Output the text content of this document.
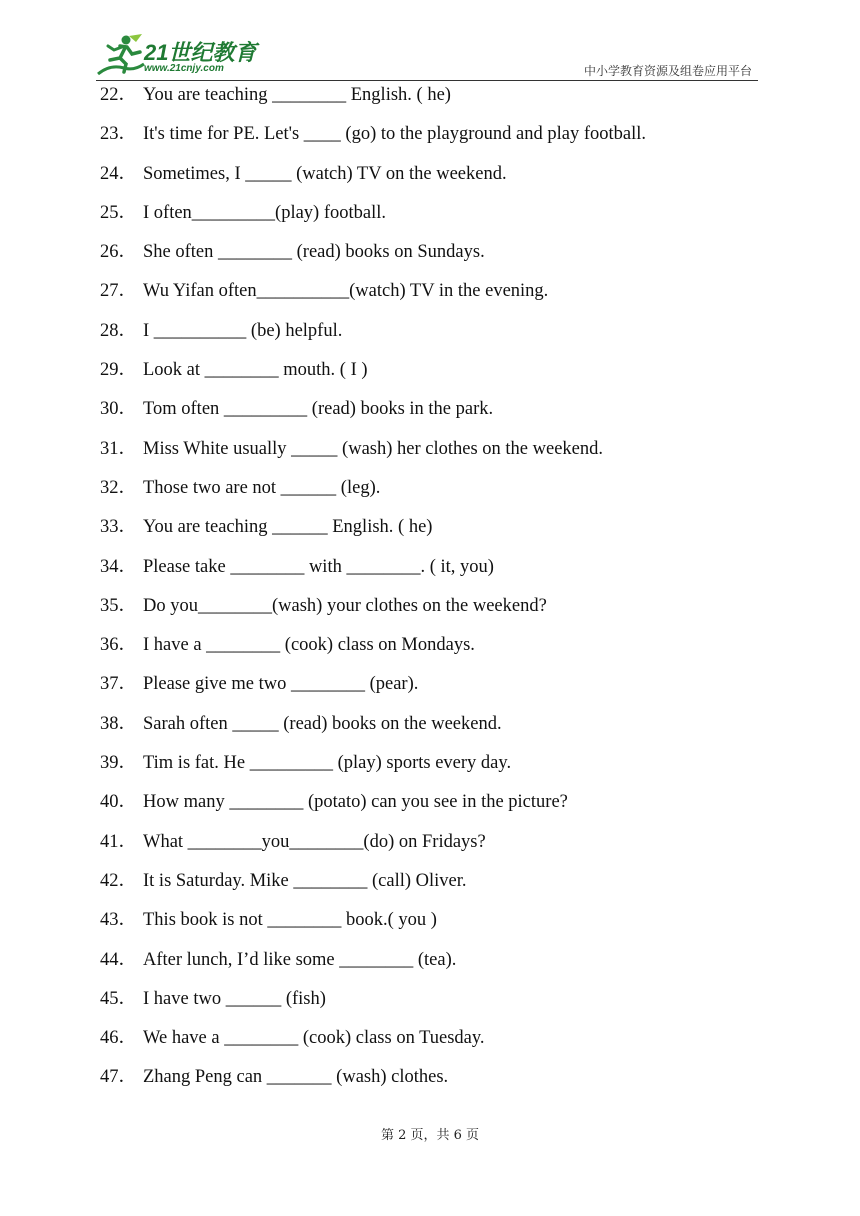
21世纪教育
www.21cnjy.com	中小学教育资源及组卷应用平台
22． You are teaching ________ English. ( he)
23． It's time for PE. Let's ____ (go) to the playground and play football.
24． Sometimes, I _____ (watch) TV on the weekend.
25． I often_________(play) football.
26． She often ________ (read) books on Sundays.
27． Wu Yifan often__________(watch) TV in the evening.
28． I __________ (be) helpful.
29． Look at ________ mouth. ( I )
30． Tom often _________ (read) books in the park.
31． Miss White usually _____ (wash) her clothes on the weekend.
32． Those two are not ______ (leg).
33． You are teaching ______ English. ( he)
34． Please take ________ with ________. ( it, you)
35． Do you________(wash) your clothes on the weekend?
36． I have a ________ (cook) class on Mondays.
37． Please give me two ________ (pear).
38． Sarah often _____ (read) books on the weekend.
39． Tim is fat. He _________ (play) sports every day.
40． How many ________ (potato) can you see in the picture?
41． What ________you________(do) on Fridays?
42． It is Saturday. Mike ________ (call) Oliver.
43． This book is not ________ book.( you )
44． After lunch, I’d like some ________ (tea).
45． I have two ______ (fish)
46． We have a ________ (cook) class on Tuesday.
47． Zhang Peng can _______ (wash) clothes.
第 2 页，共 6 页
